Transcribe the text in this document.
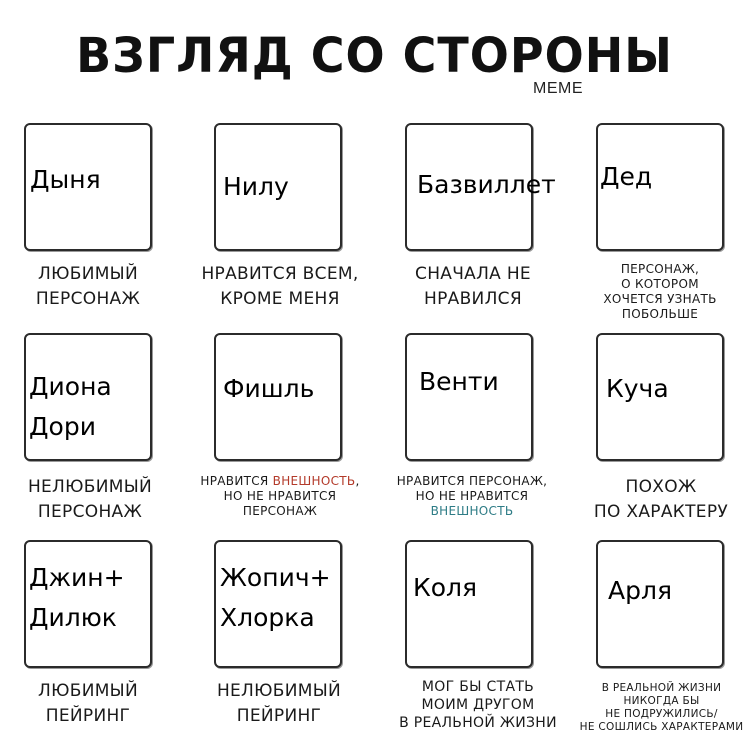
ВЗГЛЯД СО СТОРОНЫ
MEME
Дыня
ЛЮБИМЫЙ
ПЕРСОНАЖ
Нилу
НРАВИТСЯ ВСЕМ,
КРОМЕ МЕНЯ
Базвиллет
СНАЧАЛА НЕ
НРАВИЛСЯ
Дед
ПЕРСОНАЖ,
О КОТОРОМ
ХОЧЕТСЯ УЗНАТЬ
ПОБОЛЬШЕ
Диона
Дори
НЕЛЮБИМЫЙ
ПЕРСОНАЖ
Фишль
НРАВИТСЯ ВНЕШНОСТЬ,
НО НЕ НРАВИТСЯ
ПЕРСОНАЖ
Венти
НРАВИТСЯ ПЕРСОНАЖ,
НО НЕ НРАВИТСЯ
ВНЕШНОСТЬ
Куча
ПОХОЖ
ПО ХАРАКТЕРУ
Джин+
Дилюк
ЛЮБИМЫЙ
ПЕЙРИНГ
Жопич+
Хлорка
НЕЛЮБИМЫЙ
ПЕЙРИНГ
Коля
МОГ БЫ СТАТЬ
МОИМ ДРУГОМ
В РЕАЛЬНОЙ ЖИЗНИ
Арля
В РЕАЛЬНОЙ ЖИЗНИ
НИКОГДА БЫ
НЕ ПОДРУЖИЛИСЬ/
НЕ СОШЛИСЬ ХАРАКТЕРАМИ
